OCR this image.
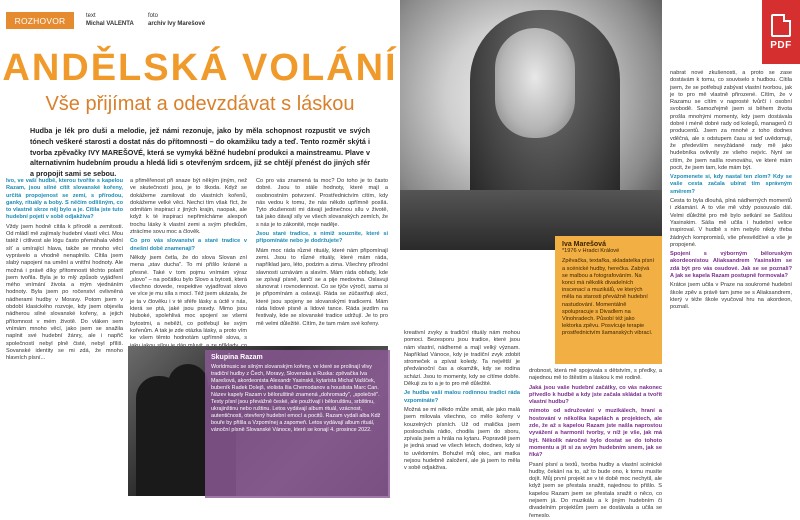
ROZHOVOR	text
Michal VALENTA
foto
archiv Ivy Marešové
ANDĚLSKÁ VOLÁNÍ
Vše přijímat a odevzdávat s láskou
Hudba je lék pro duši a melodie, jež námi rezonuje, jako by měla schopnost rozpustit ve svých tónech veškeré starosti a dostat nás do přítomnosti – do okamžiku tady a teď. Tento rozměr skýtá i tvorba zpěvačky IVY MAREŠOVÉ, která se vymyká běžné hudební produkci a mainstreamu. Plave v alternativním hudebním proudu a hledá lidi s otevřeným srdcem, již se chtějí přenést do jiných sfér a propojit sami se sebou.

Ivo, ve vaší hudbě, kterou tvoříte s kapelou Razam, jsou silné cítit slovanské kořeny, určitá propojenost se zemí, s přírodou, ganky, rituály a boby. S něčím odlišným, co to vlastně skrze něj bylo a je. Cítila jste tuto hudební pojetí v sobě odjakživa?

Vždy jsem hodně cítila k přírodě a zemitosti. Od mládí mě zajímaly hudební vlastí věci. Mou tatéž i citlivost ale lógu často přemáhala vědní síť a umírající hlava, takže se mnoho věcí vyprávelo a vhodně nenaplnilo. Cítila jsem slabý napojení na umění a vnitřní hodnoty. Ale možná i právě díky přítomnosti těchto polarit jsem tvořila. Byla je to mlý způsob vyjádření mého vnímání života a mým vjednáním hodnoty. Byla jsem po ročenství ovlivněná nádherami hudby v Moravy. Potom jsem v období klasického rozvoje, kdy jsem objevila nádherou silné slovanské kořeny, a jejich přítomnost v mém životě. Do vláken sem vnímám mnoho věcí, jako jsem se snažila naplnit své hudební žánry, ale i napřič společností nebyl plně čisté, nebyl příliš. Sovanské identity se mi zdá, že mnoho hlavních písní...

a přiměřenost při snaze být někým jiným, než ve skutečnosti jsou, je to škoda. Když se dokážeme zamilovat do vlastních kořenů, dokážeme velké věci. Nechci tím však říct, že odmítám inspiraci z jiných krajin, naopak, ale když k té inspiraci nepřimícháme alespoň trochu lásky k vlastní zemi a svým předkům, ztrácíme sovu moc a člověk.

Co pro vás slovanství a staré tradice v dnešní době znamenají?

Někdy jsem četla, že do slova Slovan zní mena „stav ducha". To mi přišlo krásné a přesné. Také v tom pojmu vnímám výraz „slovo" – na počátku bylo Slovo a bytosti, která všechno dovede, respektive vyjadřovat slovo ve více je mu síla s mocí. Též jsem ukázala, že je ta v člověku i v té sféře lásky a úctě v nás, která se ptá, jaké jsou pravdy. Mimo jsou hluboké, spolehlivá moc spojení se všemi bytostmi, a neběží, co potřebují ke svým kořenům. A tak je zde otázka lásky, a proto vím ke všem těmto hodnotám upřímně slova, s

Co pro vás znamená ta moc? Do toho je to často dobré. Jsou to stále hodnoty, které mají a osobnostním potvrzení. Prostřednictvím cítím, kdy nás vedou k tomu, že nás někdo upřímně posílá. Tyto zkušenosti mi dávají jedinečnou sílu v životě, tak jako dávají síly ve všech slovanských zemích, že s nás je to zákonité, moje naděje.

Jsou staré tradice, s nimiž souznite, které si připomínáte nebo je dodržujete?

Mám moc ráda různé rituály, které nám připomínají zemi. Jsou to různé rituály, které mám ráda, například jaro, léto, podzim a zima. Všechny přírodní slavnosti uznávám a slavím. Mám ráda obřady, kde se zpívají písně, tančí se a pije medovina. Oslavuji slunovrat i rovnodennost. Co se týče výročí, sama si je připomínám a oslavuji. Ráda se zúčastňuji akcí, které jsou spojeny se slovanskými tradicemi. Mám ráda lidové písně a lidové tance. Ráda jezdím na festivaly, kde se slovanské tradice udržují. Je to pro mě velmi důležité. Cítím, že tam mám své kořeny.

Skupina Razam
Worldmusic se silným slovanským kořeny, ve které se prolínají vlivy tradiční hudby z Čech, Moravy, Slovenska a Ruska: zpěvačka Iva Marešová, akordeonista Alexandr Yasinskii, kytarista Michal Vašíček, bubeník Radek Dolejš, violista Ilia Chemodanov a houslista Marc Can. Název kapely Razam v běloruštině znamená „dohromady", „společně". Texty písní jsou převážně české, ale používají i běloruštinu, srbštinu, ukrajinštinu nebo ruštinu. Letos vydávají album rituál, vzácnost, autentičnosti, otevřený hudební emocí a pocitů. Razam vydali alba Kdž bouře by přišla a Vzpomínej a zapomeň. Letos vydávají album rituál, vánoční písně Slovanské Vánoce, které se konají 4. prosince 2022.
Iva Marešová
*1976 v Hradci Králové
Zpěvačka, textařka, skladatelka písní a scénické hudby, herečka. Zabývá se malbou a fotografováním. Na konci má několik divadelních inscenací a muzikálů, ve kterých měla na starosti převážně hudební nastudování. Momentálně spolupracuje s Divadlem na Vinohradech. Působí též jako lektorka zpěvu. Posvícuje terapie prostřednictvím šamanských vibrací.

kreativní zvyky a tradiční rituály nám mohou pomoci. Bezesporu jsou tradice, které jsou nám vlastní, nádherné a mají velký význam. Například Vánoce, kdy je tradiční zvyk zdobit stromeček a zpívat koledy. Ta největší je předvánoční čas a okamžik, kdy se rodina schází. Jsou to momenty, kdy se cítíme dobře. Děkuji za to a je to pro mě důležité.

Je hudba vaší malou rodinnou tradicí ráda vzpomínáte?

Možná se mi někdo může smát, ale jako malá jsem milovala všechno, co mělo kořeny v kouzelných písních. Už od malička jsem poslouchala rádio, chodila jsem do sboru, zpívala jsem a hrála na kytaru. Popravdě jsem je jedná snad ve všech letech, dodnes, kdy si to uvědomím. Bohužel můj otec, ani matka nejsou hudebně založení, ale já jsem to měla v sobě odjakživa.

drobnost, která mě spojovala s dětstvím, s předky, a najednou mě to štěstím a láskou k mé rodině.

Jaká jsou vaše hudební začátky, co vás nakonec přivedlo k hudbě a kdy jste začala skládat a tvořit vlastní hudbu?

mimoto od sdružování v muzikálech, hraní a hostování v několika kapelách a projektech, ale zde, že až s kapelou Razam jste našla naprostou vyvážení a harmonii tvorby, v níž je vše, jak má být. Několik náročné bylo dostat se do tohoto momentu a jít si za svým hudebním snem, jak se říká?

Psaní písní a textů, tvorba hudby a vlastní scénické hudby, čekání na to, až to bude ono, k tomu musíte dojít. Můj první projekt se v té době moc nechytil, ale když jsem se přestala snažit, najednou to přišlo. S kapelou Razam jsem se přestala snažit o něco, co nejsem já. Do muzikálu a k jiným hudebním či divadelním projektům jsem se dostávala a učila se řemeslo.

nabrat nové zkušenosti, a proto se zase dostávám k tomu, co souviselo s hudbou. Cítila jsem, že se potřebuji zabývat vlastní tvorbou, jak je to pro mě vlastně přirozené. Cítím, že v Razamu se cítím v naprosté tvůrčí i osobní svobodě. Samozřejmě jsem si během života prošla mnohými momenty, kdy jsem dostávala dobré i méně dobré rady od kolegů, managerů či producentů. Jsem za mnohé z toho dodnes vděčná, ale s odstupem času si teď uvědomuji, že především nevyžádané rady mě jako hudebníka ovlivnily ze všeho nejvíc. Nyní se cítím, že jsem našla rovnováhu, ve které mám pocit, že jsem tam, kde mám být.

Vzpomenete si, kdy nastal ten zlom? Kdy se vaše cesta začala ubírat tím správným směrem?

Cesta to byla dlouhá, plná nádherných momentů i zklamání. A to vše mě vždy posouvalo dál. Velmi důležité pro mě bylo setkání se Saššou Yasinskim. Sáša mě učila i hudební velice inspiroval. V hudbě s ním nebylo nikdy třeba žádných kompromisů, vše přesvědčivé a vše je propojené.

Spojení s výborným běloruským akordeonistou Aliaksandrem Yasinskim se zdá být pro vás osudové. Jak se se poznali? A jak se kapela Razam postupně formovala?

Krátce jsem učila v Praze na soukromé hudební škole zpěv a právě tam jsme se s Aliaksandrem, který v téže škole vyučoval hru na akordeon, poznali.

PDF
